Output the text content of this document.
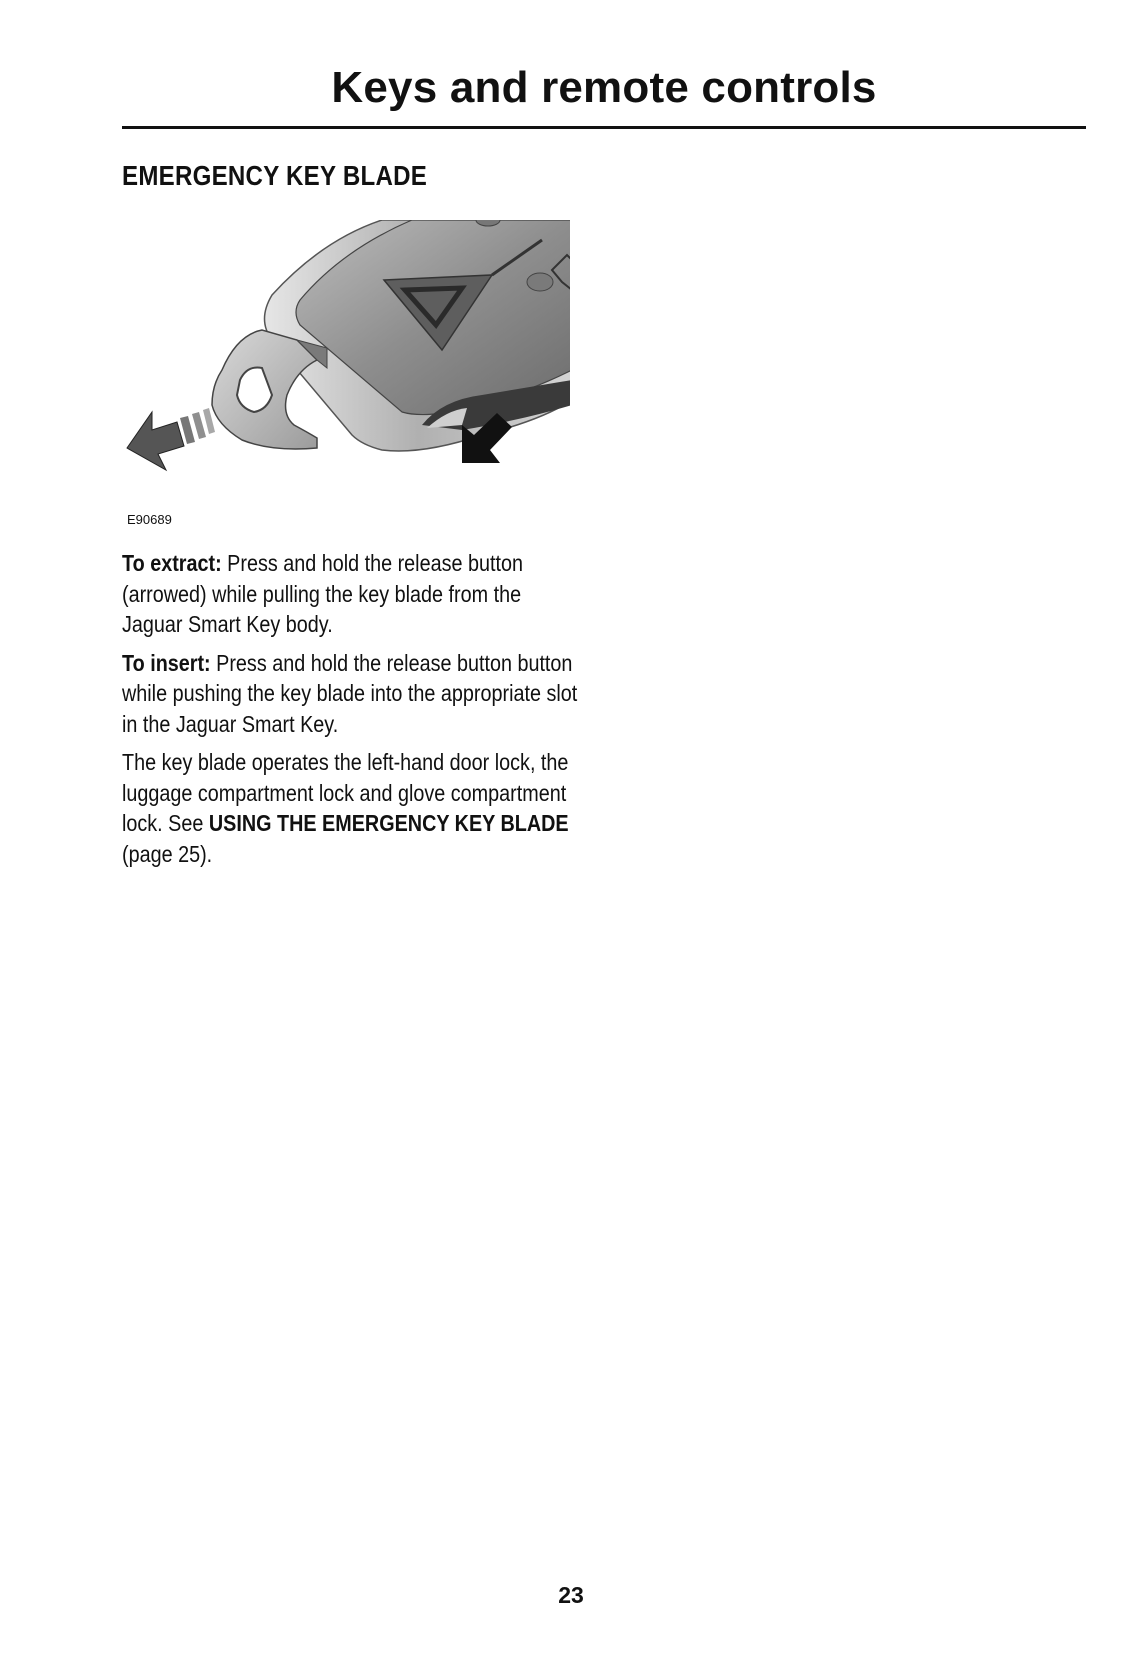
Keys and remote controls
EMERGENCY KEY BLADE
E90689

To extract: Press and hold the release button (arrowed) while pulling the key blade from the Jaguar Smart Key body.

To insert: Press and hold the release button button while pushing the key blade into the appropriate slot in the Jaguar Smart Key.

The key blade operates the left-hand door lock, the luggage compartment lock and glove compartment lock. See USING THE EMERGENCY KEY BLADE (page 25).

23
